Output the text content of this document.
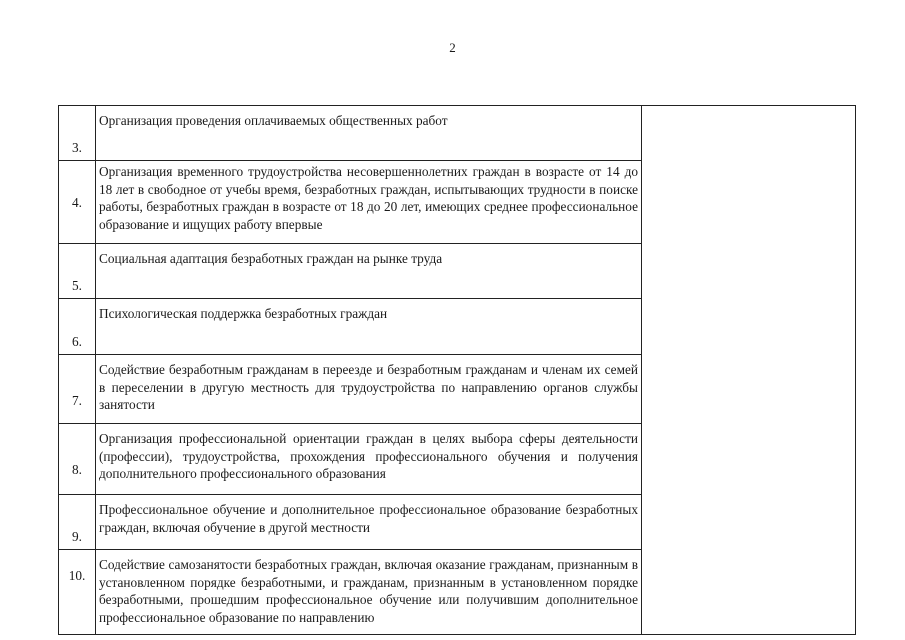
2
3.	Организация проведения оплачиваемых общественных работ	
4.	Организация временного трудоустройства несовершеннолетних граждан в возрасте от 14 до 18 лет в свободное от учебы время, безработных граждан, испытывающих трудности в поиске работы, безработных граждан в возрасте от 18 до 20 лет, имеющих среднее профессиональное образование и ищущих работу впервые	
5.	Социальная адаптация безработных граждан на рынке труда	
6.	Психологическая поддержка безработных граждан	
7.	Содействие безработным гражданам в переезде и безработным гражданам и членам их семей в переселении в другую местность для трудоустройства по направлению органов службы занятости	
8.	Организация профессиональной ориентации граждан в целях выбора сферы деятельности (профессии), трудоустройства, прохождения профессионального обучения и получения дополнительного профессионального образования	
9.	Профессиональное обучение и дополнительное профессиональное образование безработных граждан, включая обучение в другой местности	
10.	Содействие самозанятости безработных граждан, включая оказание гражданам, признанным в установленном порядке безработными, и гражданам, признанным в установленном порядке безработными, прошедшим профессиональное обучение или получившим дополнительное профессиональное образование по направлению	
